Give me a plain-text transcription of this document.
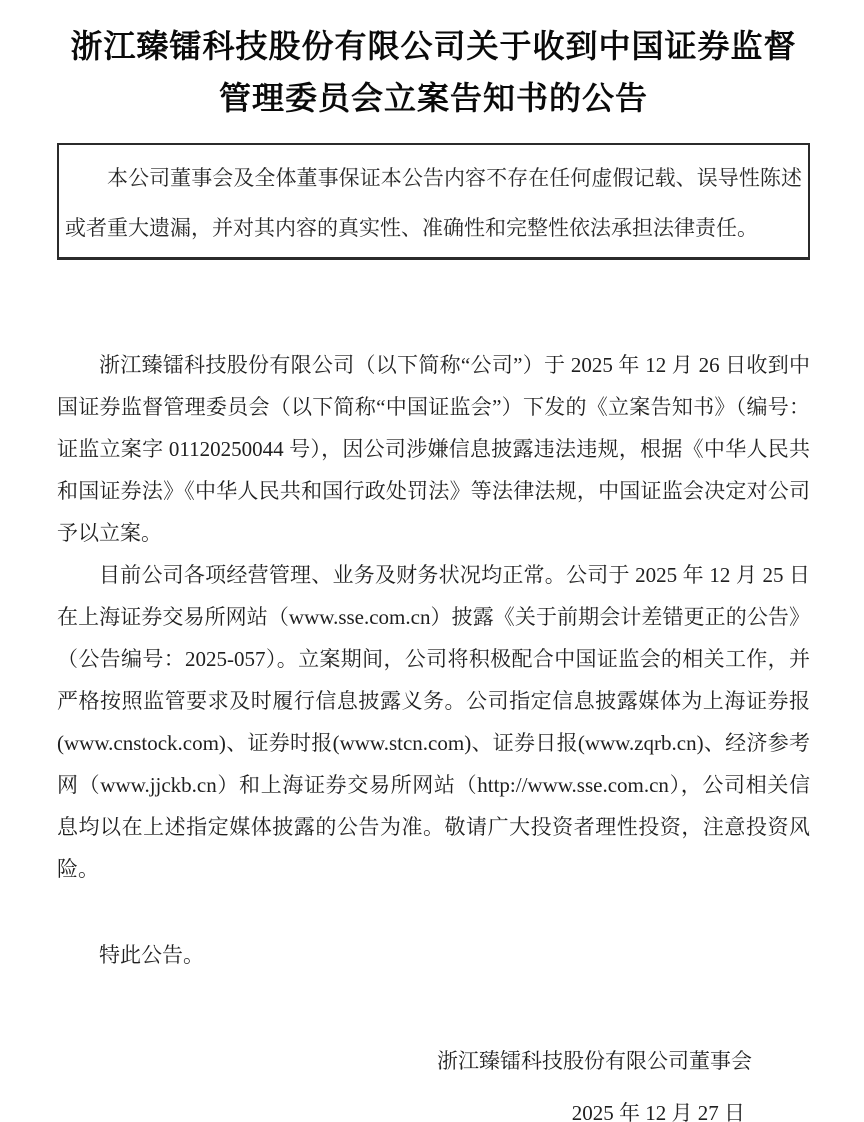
浙江臻镭科技股份有限公司关于收到中国证券监督
管理委员会立案告知书的公告

本公司董事会及全体董事保证本公告内容不存在任何虚假记载、误导性陈述或者重大遗漏，并对其内容的真实性、准确性和完整性依法承担法律责任。

浙江臻镭科技股份有限公司（以下简称“公司”）于 2025 年 12 月 26 日收到中国证券监督管理委员会（以下简称“中国证监会”）下发的《立案告知书》（编号：证监立案字 01120250044 号），因公司涉嫌信息披露违法违规，根据《中华人民共和国证券法》《中华人民共和国行政处罚法》等法律法规，中国证监会决定对公司予以立案。

目前公司各项经营管理、业务及财务状况均正常。公司于 2025 年 12 月 25 日在上海证券交易所网站（www.sse.com.cn）披露《关于前期会计差错更正的公告》（公告编号：2025-057）。立案期间，公司将积极配合中国证监会的相关工作，并严格按照监管要求及时履行信息披露义务。公司指定信息披露媒体为上海证券报(www.cnstock.com)、证券时报(www.stcn.com)、证券日报(www.zqrb.cn)、经济参考网（www.jjckb.cn）和上海证券交易所网站（http://www.sse.com.cn），公司相关信息均以在上述指定媒体披露的公告为准。敬请广大投资者理性投资，注意投资风险。

特此公告。

浙江臻镭科技股份有限公司董事会

2025 年 12 月 27 日
